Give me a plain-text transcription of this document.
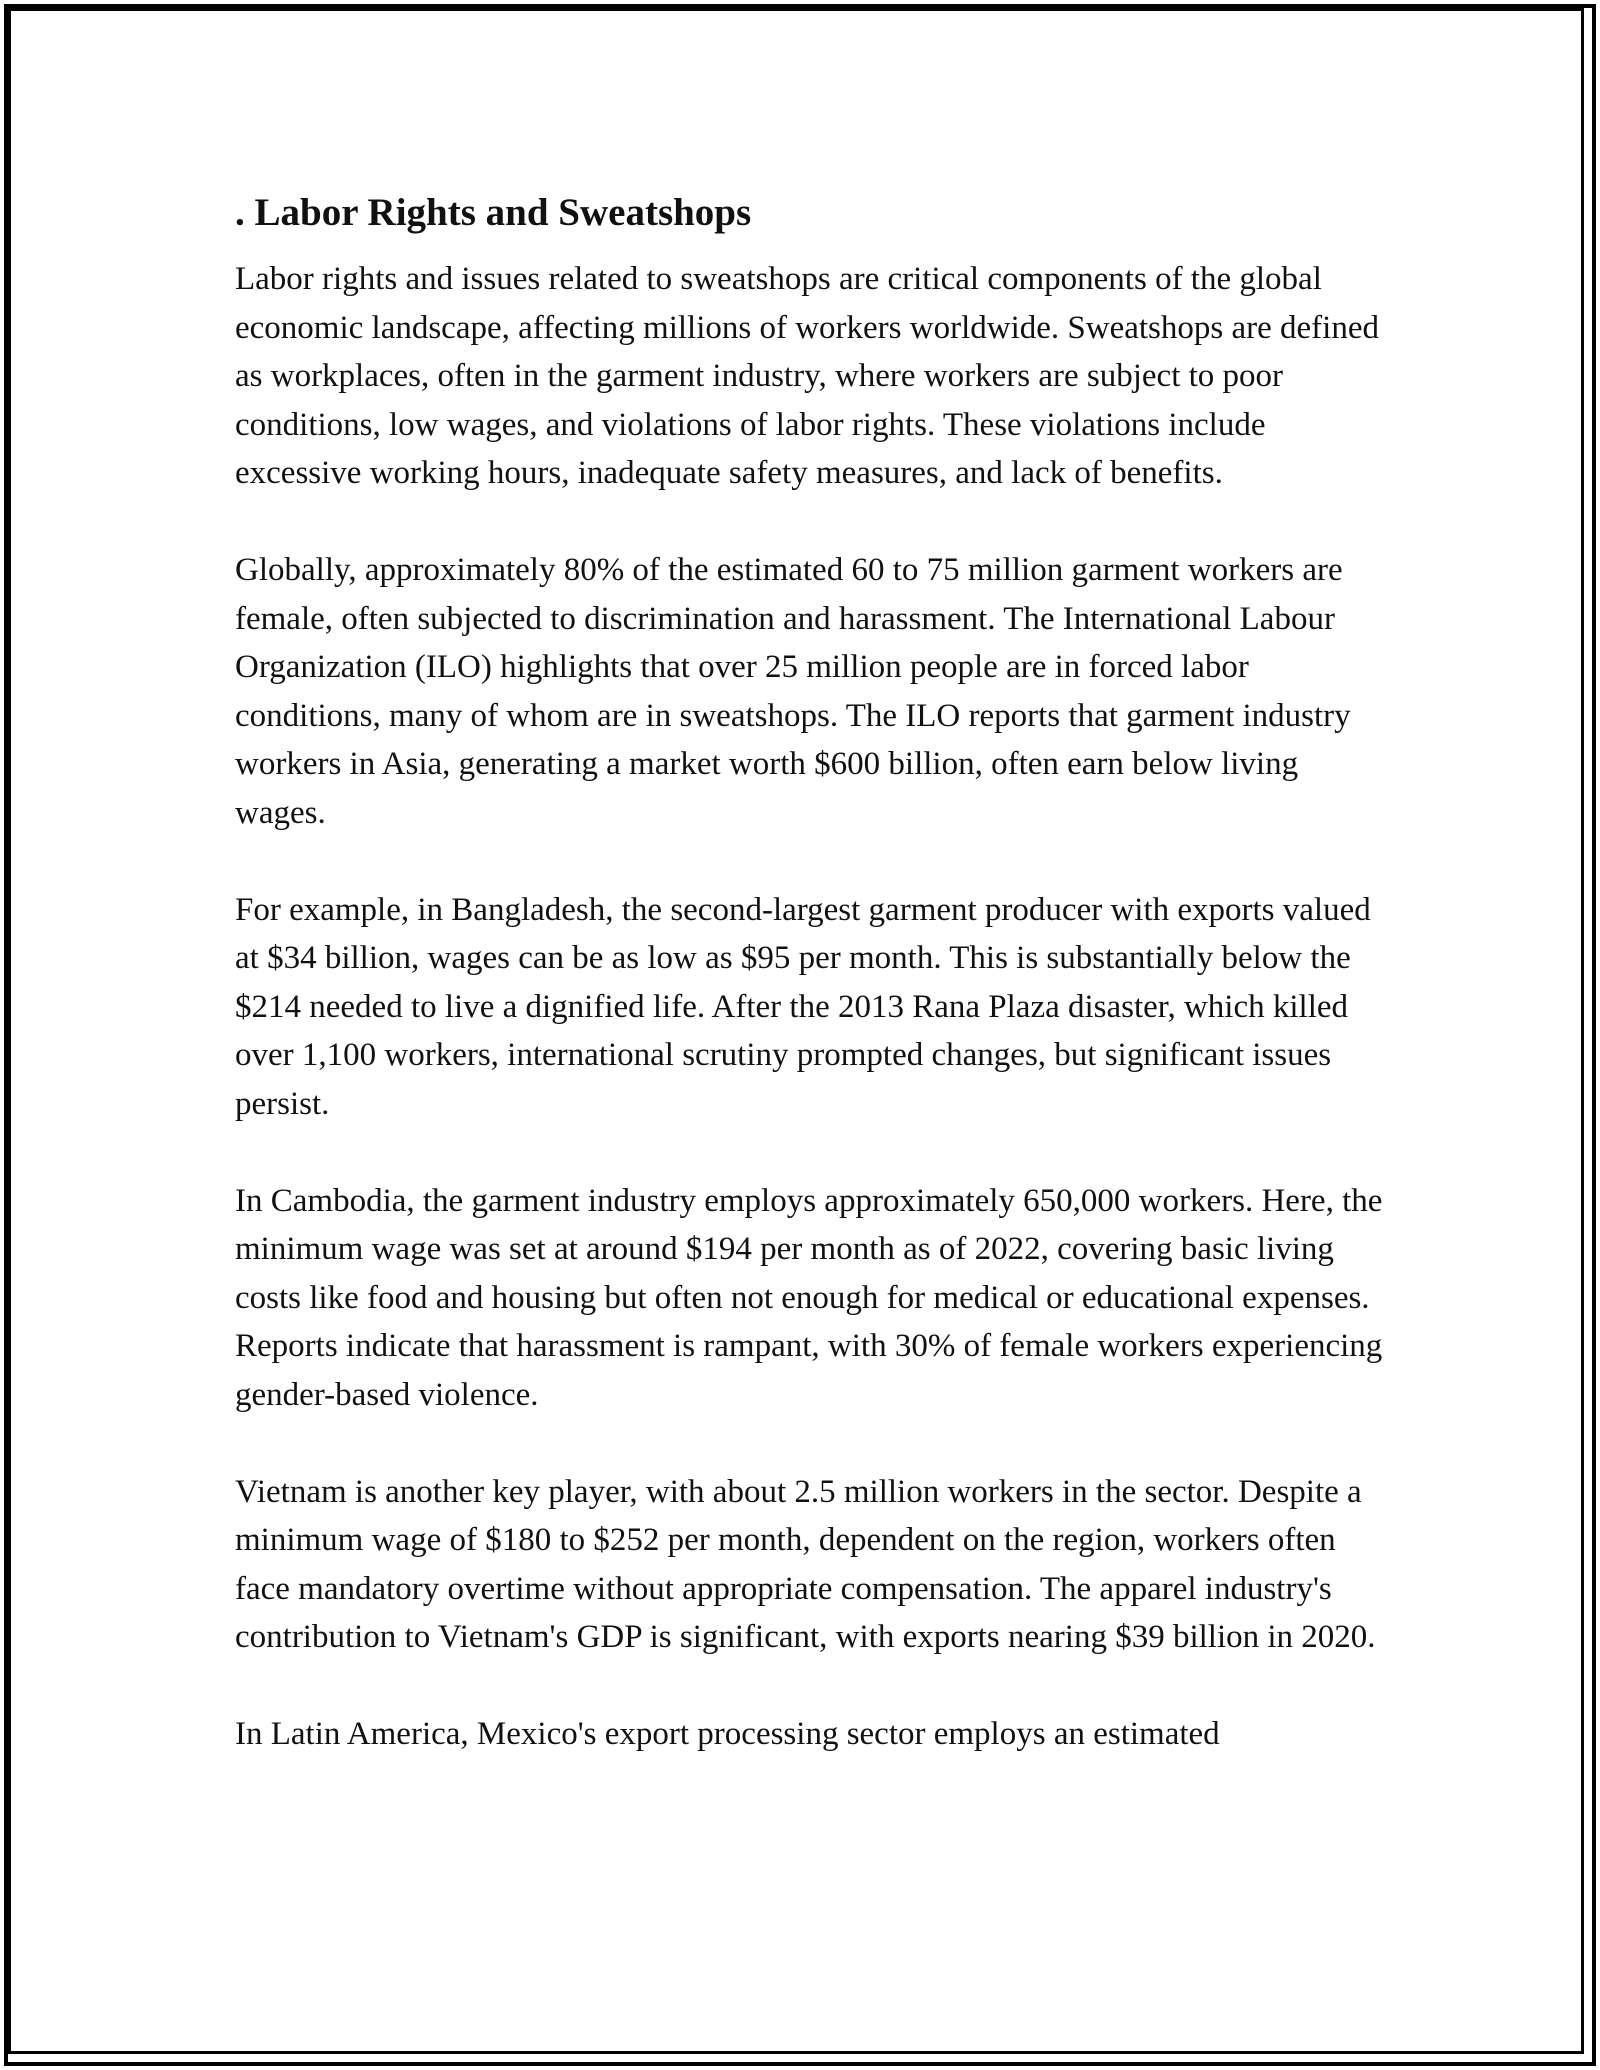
. Labor Rights and Sweatshops

Labor rights and issues related to sweatshops are critical components of the global economic landscape, affecting millions of workers worldwide. Sweatshops are defined as workplaces, often in the garment industry, where workers are subject to poor conditions, low wages, and violations of labor rights. These violations include excessive working hours, inadequate safety measures, and lack of benefits.

Globally, approximately 80% of the estimated 60 to 75 million garment workers are female, often subjected to discrimination and harassment. The International Labour Organization (ILO) highlights that over 25 million people are in forced labor conditions, many of whom are in sweatshops. The ILO reports that garment industry workers in Asia, generating a market worth $600 billion, often earn below living wages.

For example, in Bangladesh, the second-largest garment producer with exports valued at $34 billion, wages can be as low as $95 per month. This is substantially below the $214 needed to live a dignified life. After the 2013 Rana Plaza disaster, which killed over 1,100 workers, international scrutiny prompted changes, but significant issues persist.

In Cambodia, the garment industry employs approximately 650,000 workers. Here, the minimum wage was set at around $194 per month as of 2022, covering basic living costs like food and housing but often not enough for medical or educational expenses. Reports indicate that harassment is rampant, with 30% of female workers experiencing gender-based violence.

Vietnam is another key player, with about 2.5 million workers in the sector. Despite a minimum wage of $180 to $252 per month, dependent on the region, workers often face mandatory overtime without appropriate compensation. The apparel industry's contribution to Vietnam's GDP is significant, with exports nearing $39 billion in 2020.

In Latin America, Mexico's export processing sector employs an estimated
